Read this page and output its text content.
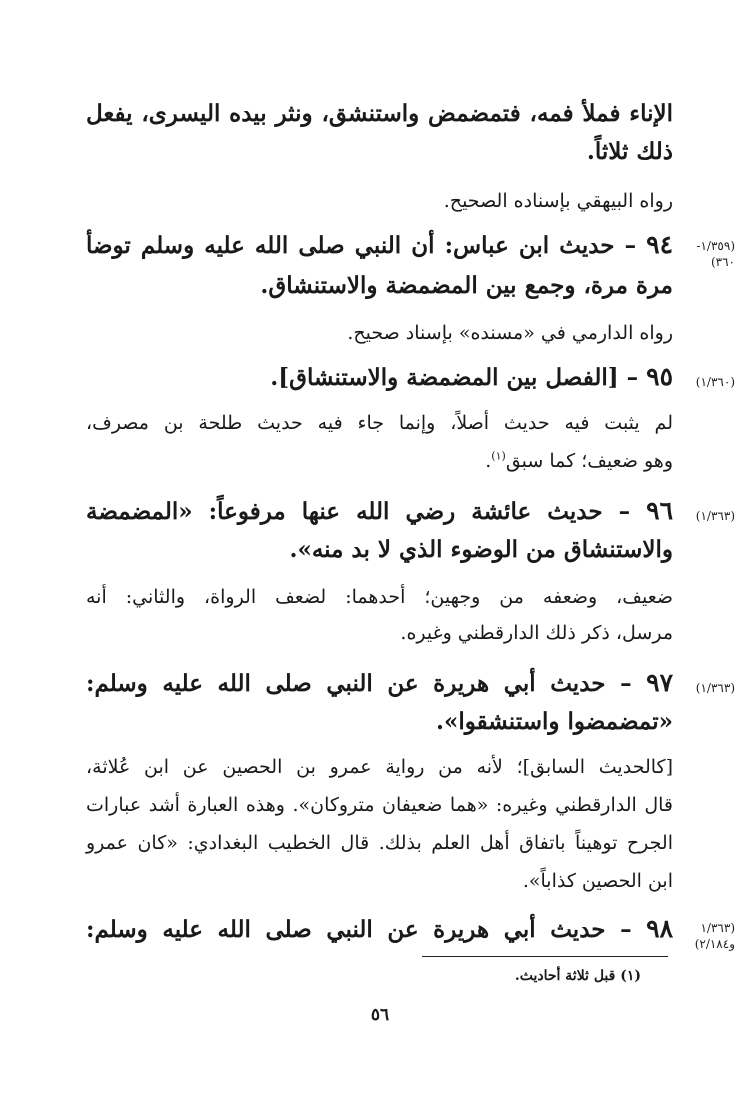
الإناء فملأ فمه، فتمضمض واستنشق، ونثر بيده اليسرى، يفعل
ذلك ثلاثاً.
رواه البيهقي بإسناده الصحيح.
٩٤ – حديث ابن عباس: أن النبي صلى الله عليه وسلم توضأ
مرة مرة، وجمع بين المضمضة والاستنشاق.
رواه الدارمي في «مسنده» بإسناد صحيح.
٩٥ – [الفصل بين المضمضة والاستنشاق].
لم يثبت فيه حديث أصلاً، وإنما جاء فيه حديث طلحة بن مصرف،
وهو ضعيف؛ كما سبق$^{(١)}$.
٩٦ – حديث عائشة رضي الله عنها مرفوعاً: «المضمضة
والاستنشاق من الوضوء الذي لا بد منه».
ضعيف، وضعفه من وجهين؛ أحدهما: لضعف الرواة، والثاني: أنه
مرسل، ذكر ذلك الدارقطني وغيره.
٩٧ – حديث أبي هريرة عن النبي صلى الله عليه وسلم:
«تمضمضوا واستنشقوا».
[كالحديث السابق]؛ لأنه من رواية عمرو بن الحصين عن ابن عُلاثة،
قال الدارقطني وغيره: «هما ضعيفان متروكان». وهذه العبارة أشد عبارات
الجرح توهيناً باتفاق أهل العلم بذلك. قال الخطيب البغدادي: «كان عمرو
ابن الحصين كذاباً».
٩٨ – حديث أبي هريرة عن النبي صلى الله عليه وسلم:
(١/٣٥٩-
٣٦٠)
(١/٣٦٠)
(١/٣٦٣)
(١/٣٦٣)
(١/٣٦٣
و٢/١٨٤)
(١) قبل ثلاثة أحاديث.
٥٦
